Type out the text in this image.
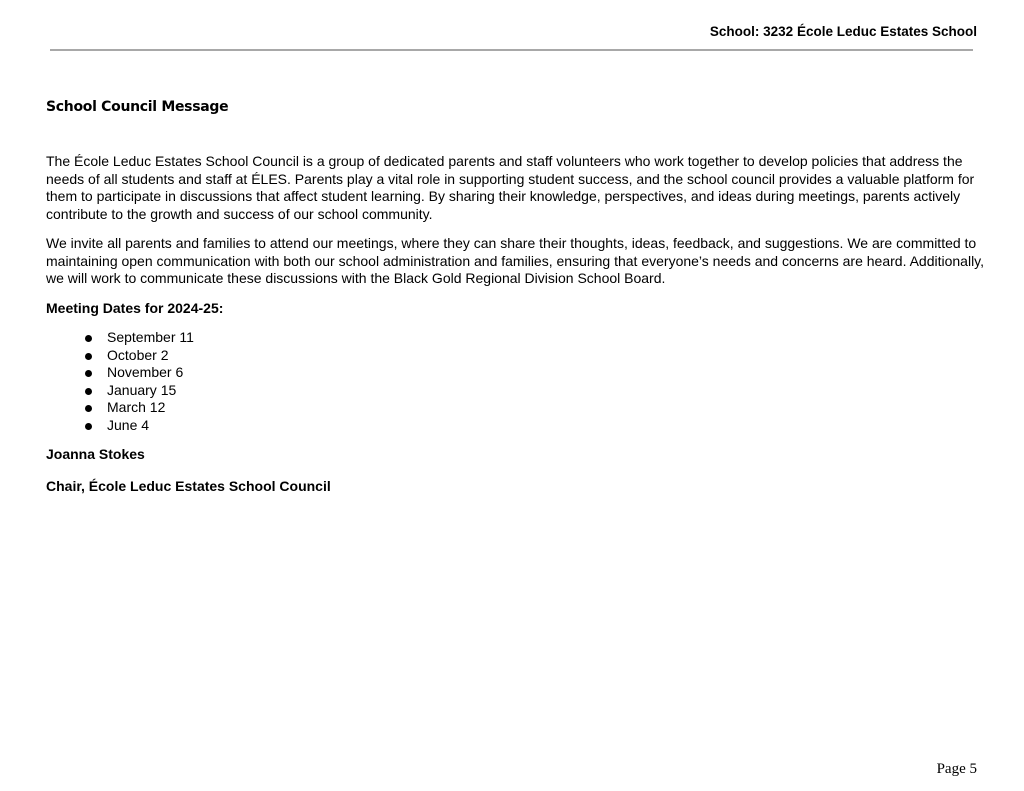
School: 3232 École Leduc Estates School
School Council Message

The École Leduc Estates School Council is a group of dedicated parents and staff volunteers who work together to develop policies that address the needs of all students and staff at ÉLES. Parents play a vital role in supporting student success, and the school council provides a valuable platform for them to participate in discussions that affect student learning. By sharing their knowledge, perspectives, and ideas during meetings, parents actively contribute to the growth and success of our school community.

We invite all parents and families to attend our meetings, where they can share their thoughts, ideas, feedback, and suggestions. We are committed to maintaining open communication with both our school administration and families, ensuring that everyone’s needs and concerns are heard. Additionally, we will work to communicate these discussions with the Black Gold Regional Division School Board.

Meeting Dates for 2024-25:

September 11
October 2
November 6
January 15
March 12
June 4

Joanna Stokes

Chair, École Leduc Estates School Council

Page 5
